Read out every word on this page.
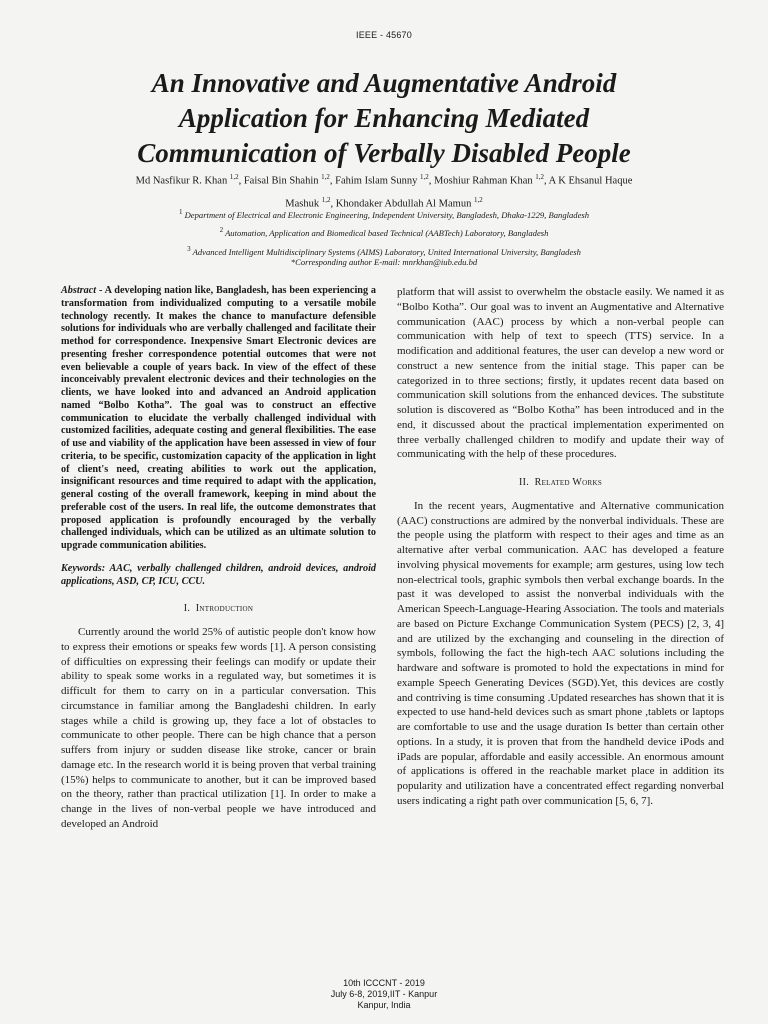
IEEE - 45670
An Innovative and Augmentative Android
Application for Enhancing Mediated
Communication of Verbally Disabled People
Md Nasfikur R. Khan $^{1,2}$, Faisal Bin Shahin $^{1,2}$, Fahim Islam Sunny $^{1,2}$, Moshiur Rahman Khan $^{1,2}$, A K Ehsanul Haque
Mashuk $^{1,2}$, Khondaker Abdullah Al Mamun $^{1,2}$
$^1$ Department of Electrical and Electronic Engineering, Independent University, Bangladesh, Dhaka-1229, Bangladesh
$^2$ Automation, Application and Biomedical based Technical (AABTech) Laboratory, Bangladesh
$^3$ Advanced Intelligent Multidisciplinary Systems (AIMS) Laboratory, United International University, Bangladesh
*Corresponding author E-mail: mnrkhan@iub.edu.bd

Abstract - A developing nation like, Bangladesh, has been experiencing a transformation from individualized computing to a versatile mobile technology recently. It makes the chance to manufacture defensible solutions for individuals who are verbally challenged and facilitate their method for correspondence. Inexpensive Smart Electronic devices are presenting fresher correspondence potential outcomes that were not even believable a couple of years back. In view of the effect of these inconceivably prevalent electronic devices and their technologies on the clients, we have looked into and advanced an Android application named “Bolbo Kotha”. The goal was to construct an effective communication to elucidate the verbally challenged individual with customized facilities, adequate costing and general flexibilities. The ease of use and viability of the application have been assessed in view of four criteria, to be specific, customization capacity of the application in light of client's need, creating abilities to work out the application, insignificant resources and time required to adapt with the application, general costing of the overall framework, keeping in mind about the preferable cost of the users. In real life, the outcome demonstrates that proposed application is profoundly encouraged by the verbally challenged individuals, which can be utilized as an ultimate solution to upgrade communication abilities.

Keywords: AAC, verbally challenged children, android devices, android applications, ASD, CP, ICU, CCU.

I. Introduction

Currently around the world 25% of autistic people don't know how to express their emotions or speaks few words [1]. A person consisting of difficulties on expressing their feelings can modify or update their ability to speak some works in a regulated way, but sometimes it is difficult for them to carry on in a particular conversation. This circumstance in familiar among the Bangladeshi children. In early stages while a child is growing up, they face a lot of obstacles to communicate to other people. There can be high chance that a person suffers from injury or sudden disease like stroke, cancer or brain damage etc. In the research world it is being proven that verbal training (15%) helps to communicate to another, but it can be improved based on the theory, rather than practical utilization [1]. In order to make a change in the lives of non-verbal people we have introduced and developed an Android

platform that will assist to overwhelm the obstacle easily. We named it as “Bolbo Kotha”. Our goal was to invent an Augmentative and Alternative communication (AAC) process by which a non-verbal people can communication with help of text to speech (TTS) service. In a modification and additional features, the user can develop a new word or construct a new sentence from the initial stage. This paper can be categorized in to three sections; firstly, it updates recent data based on communication skill solutions from the enhanced devices. The substitute solution is discovered as “Bolbo Kotha” has been introduced and in the end, it discussed about the practical implementation experimented on three verbally challenged children to modify and update their way of communicating with the help of these procedures.

II. Related Works

In the recent years, Augmentative and Alternative communication (AAC) constructions are admired by the nonverbal individuals. These are the people using the platform with respect to their ages and time as an alternative after verbal communication. AAC has developed a feature involving physical movements for example; arm gestures, using low tech non-electrical tools, graphic symbols then verbal exchange boards. In the past it was developed to assist the nonverbal individuals with the American Speech-Language-Hearing Association. The tools and materials are based on Picture Exchange Communication System (PECS) [2, 3, 4] and are utilized by the exchanging and counseling in the direction of symbols, following the fact the high-tech AAC solutions including the hardware and software is promoted to hold the expectations in mind for example Speech Generating Devices (SGD).Yet, this devices are costly and contriving is time consuming .Updated researches has shown that it is expected to use hand-held devices such as smart phone ,tablets or laptops are comfortable to use and the usage duration Is better than certain other options. In a study, it is proven that from the handheld device iPods and iPads are popular, affordable and easily accessible. An enormous amount of applications is offered in the reachable market place in addition its popularity and utilization have a concentrated effect regarding nonverbal users indicating a right path over communication [5, 6, 7].

10th ICCCNT - 2019
July 6-8, 2019,IIT - Kanpur
Kanpur, India
